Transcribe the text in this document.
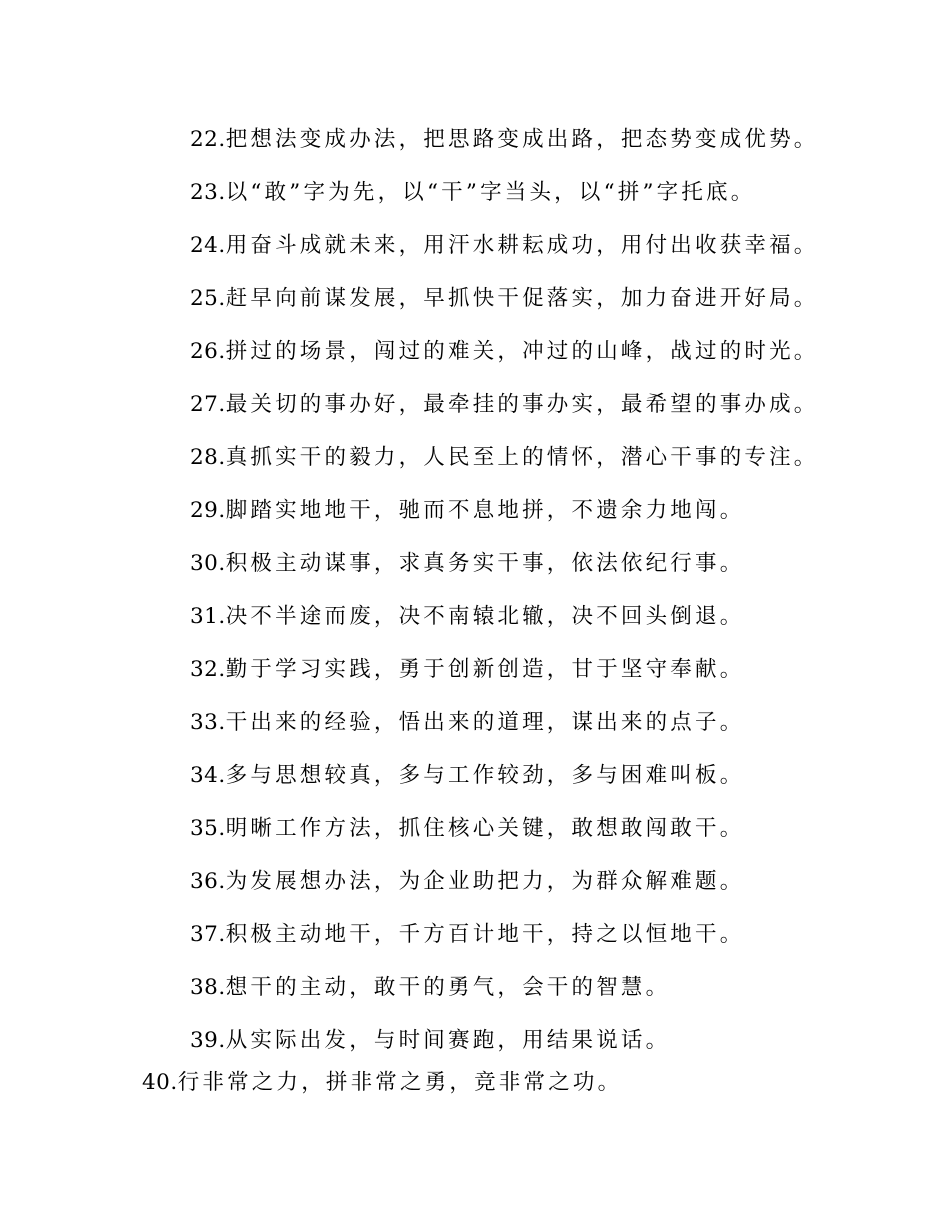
22.把想法变成办法，把思路变成出路，把态势变成优势。
23.以“敢”字为先，以“干”字当头，以“拼”字托底。
24.用奋斗成就未来，用汗水耕耘成功，用付出收获幸福。
25.赶早向前谋发展，早抓快干促落实，加力奋进开好局。
26.拼过的场景，闯过的难关，冲过的山峰，战过的时光。
27.最关切的事办好，最牵挂的事办实，最希望的事办成。
28.真抓实干的毅力，人民至上的情怀，潜心干事的专注。
29.脚踏实地地干，驰而不息地拼，不遗余力地闯。
30.积极主动谋事，求真务实干事，依法依纪行事。
31.决不半途而废，决不南辕北辙，决不回头倒退。
32.勤于学习实践，勇于创新创造，甘于坚守奉献。
33.干出来的经验，悟出来的道理，谋出来的点子。
34.多与思想较真，多与工作较劲，多与困难叫板。
35.明晰工作方法，抓住核心关键，敢想敢闯敢干。
36.为发展想办法，为企业助把力，为群众解难题。
37.积极主动地干，千方百计地干，持之以恒地干。
38.想干的主动，敢干的勇气，会干的智慧。
39.从实际出发，与时间赛跑，用结果说话。
40.行非常之力，拼非常之勇，竞非常之功。
